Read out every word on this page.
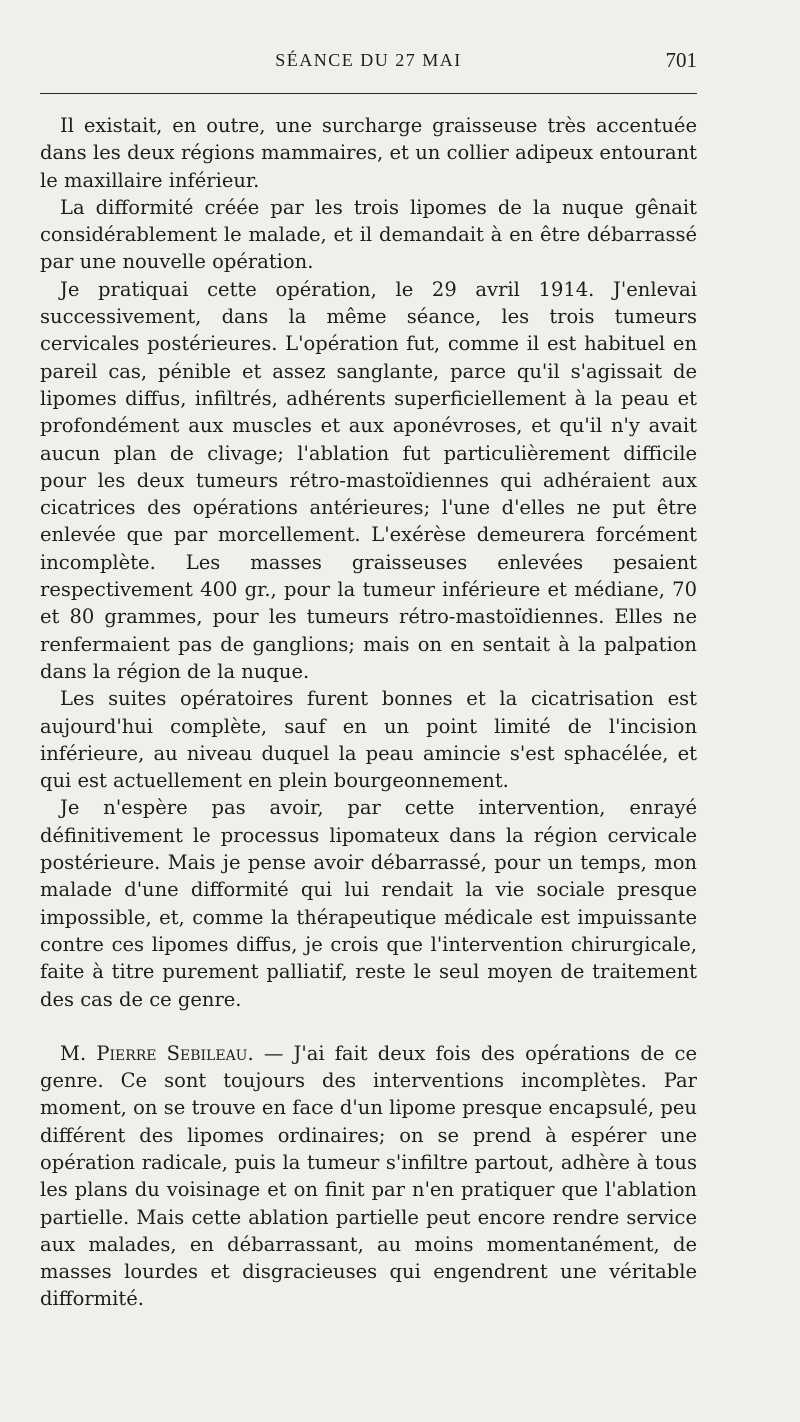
SÉANCE DU 27 MAI	701

Il existait, en outre, une surcharge graisseuse très accentuée dans les deux régions mammaires, et un collier adipeux entourant le maxillaire inférieur.

La difformité créée par les trois lipomes de la nuque gênait considérablement le malade, et il demandait à en être débarrassé par une nouvelle opération.

Je pratiquai cette opération, le 29 avril 1914. J'enlevai successivement, dans la même séance, les trois tumeurs cervicales postérieures. L'opération fut, comme il est habituel en pareil cas, pénible et assez sanglante, parce qu'il s'agissait de lipomes diffus, infiltrés, adhérents superficiellement à la peau et profondément aux muscles et aux aponévroses, et qu'il n'y avait aucun plan de clivage; l'ablation fut particulièrement difficile pour les deux tumeurs rétro-mastoïdiennes qui adhéraient aux cicatrices des opérations antérieures; l'une d'elles ne put être enlevée que par morcellement. L'exérèse demeurera forcément incomplète. Les masses graisseuses enlevées pesaient respectivement 400 gr., pour la tumeur inférieure et médiane, 70 et 80 grammes, pour les tumeurs rétro-mastoïdiennes. Elles ne renfermaient pas de ganglions; mais on en sentait à la palpation dans la région de la nuque.

Les suites opératoires furent bonnes et la cicatrisation est aujourd'hui complète, sauf en un point limité de l'incision inférieure, au niveau duquel la peau amincie s'est sphacélée, et qui est actuellement en plein bourgeonnement.

Je n'espère pas avoir, par cette intervention, enrayé définitivement le processus lipomateux dans la région cervicale postérieure. Mais je pense avoir débarrassé, pour un temps, mon malade d'une difformité qui lui rendait la vie sociale presque impossible, et, comme la thérapeutique médicale est impuissante contre ces lipomes diffus, je crois que l'intervention chirurgicale, faite à titre purement palliatif, reste le seul moyen de traitement des cas de ce genre.

M. Pierre Sebileau. — J'ai fait deux fois des opérations de ce genre. Ce sont toujours des interventions incomplètes. Par moment, on se trouve en face d'un lipome presque encapsulé, peu différent des lipomes ordinaires; on se prend à espérer une opération radicale, puis la tumeur s'infiltre partout, adhère à tous les plans du voisinage et on finit par n'en pratiquer que l'ablation partielle. Mais cette ablation partielle peut encore rendre service aux malades, en débarrassant, au moins momentanément, de masses lourdes et disgracieuses qui engendrent une véritable difformité.
